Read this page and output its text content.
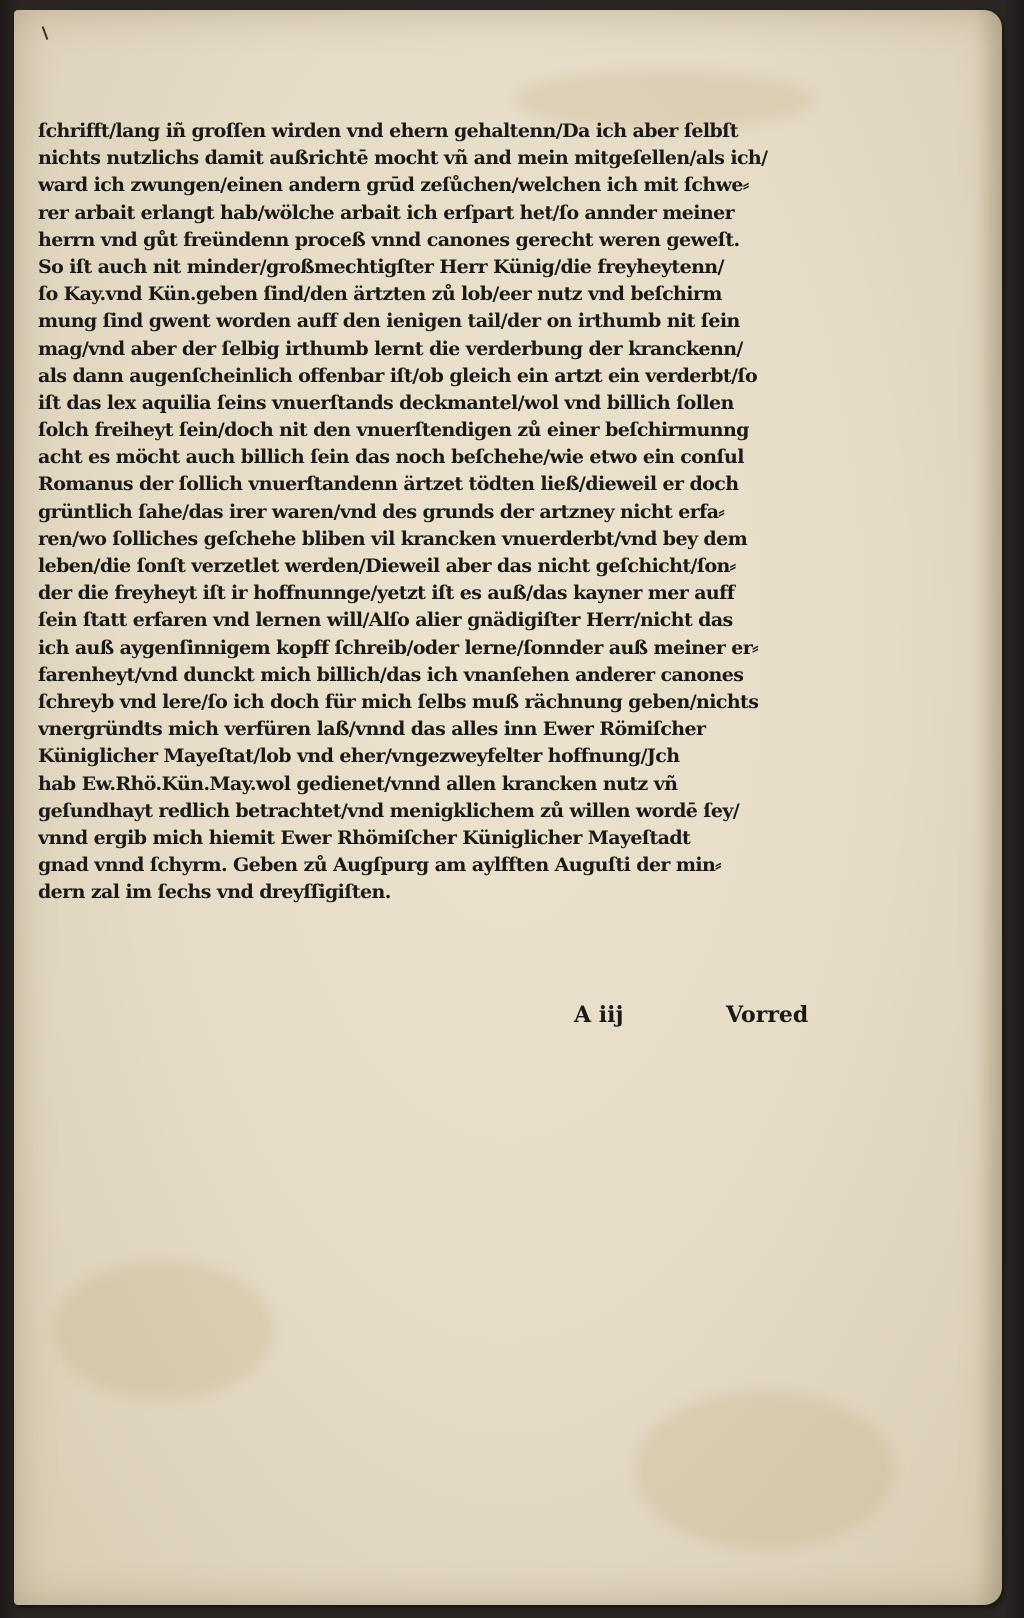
ſchrifft/lang iñ groſſen wirden vnd ehern gehaltenn/Da ich aber ſelbſt
nichts nutzlichs damit außrichtē mocht vñ and mein mitgeſellen/als ich/
ward ich zwungen/einen andern grūd zeſůchen/welchen ich mit ſchwe⸗
rer arbait erlangt hab/wölche arbait ich erſpart het/ſo annder meiner
herrn vnd gůt freündenn proceß vnnd canones gerecht weren geweſt.
So iſt auch nit minder/großmechtigſter Herr Künig/die freyheytenn/
ſo Kay.vnd Kün.geben ſind/den ärtzten zů lob/eer nutz vnd beſchirm
mung ſind gwent worden auff den ienigen tail/der on irthumb nit ſein
mag/vnd aber der ſelbig irthumb lernt die verderbung der kranckenn/
als dann augenſcheinlich offenbar iſt/ob gleich ein artzt ein verderbt/ſo
iſt das lex aquilia ſeins vnuerſtands deckmantel/wol vnd billich ſollen
ſolch freiheyt ſein/doch nit den vnuerſtendigen zů einer beſchirmunng
acht es möcht auch billich ſein das noch beſchehe/wie etwo ein conſul
Romanus der ſollich vnuerſtandenn ärtzet tödten ließ/dieweil er doch
grüntlich ſahe/das irer waren/vnd des grunds der artzney nicht erfa⸗
ren/wo ſolliches geſchehe bliben vil krancken vnuerderbt/vnd bey dem
leben/die ſonſt verzetlet werden/Dieweil aber das nicht geſchicht/ſon⸗
der die freyheyt iſt ir hoffnunnge/yetzt iſt es auß/das kayner mer auff
ſein ſtatt erfaren vnd lernen will/Alſo alier gnädigiſter Herr/nicht das
ich auß aygenſinnigem kopff ſchreib/oder lerne/ſonnder auß meiner er⸗
farenheyt/vnd dunckt mich billich/das ich vnanſehen anderer canones
ſchreyb vnd lere/ſo ich doch für mich ſelbs muß rächnung geben/nichts
vnergründts mich verfüren laß/vnnd das alles inn Ewer Römiſcher
Küniglicher Mayeſtat/lob vnd eher/vngezweyfelter hoffnung/Jch
hab Ew.Rhö.Kün.May.wol gedienet/vnnd allen krancken nutz vñ
geſundhayt redlich betrachtet/vnd menigklichem zů willen wordē ſey/
vnnd ergib mich hiemit Ewer Rhömiſcher Küniglicher Mayeſtadt
gnad vnnd ſchyrm. Geben zů Augſpurg am aylfften Auguſti der min⸗
dern zal im ſechs vnd dreyſſigiſten.
A iij	Vorred
